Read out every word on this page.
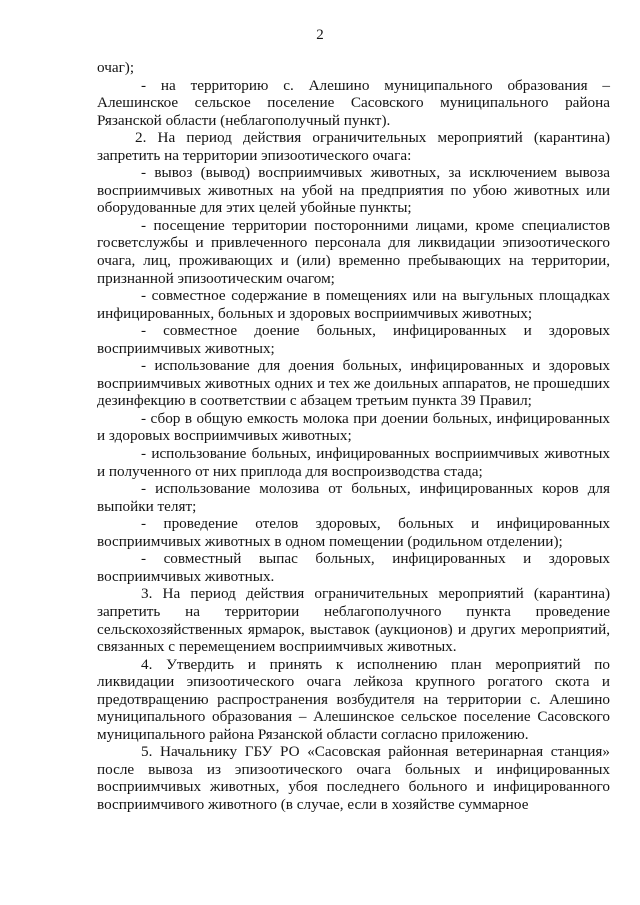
2

очаг);

- на территорию с. Алешино муниципального образования – Алешинское сельское поселение Сасовского муниципального района Рязанской области (неблагополучный пункт).

2. На период действия ограничительных мероприятий (карантина) запретить на территории эпизоотического очага:

- вывоз (вывод) восприимчивых животных, за исключением вывоза восприимчивых животных на убой на предприятия по убою животных или оборудованные для этих целей убойные пункты;

- посещение территории посторонними лицами, кроме специалистов госветслужбы и привлеченного персонала для ликвидации эпизоотического очага, лиц, проживающих и (или) временно пребывающих на территории, признанной эпизоотическим очагом;

- совместное содержание в помещениях или на выгульных площадках инфицированных, больных и здоровых восприимчивых животных;

- совместное доение больных, инфицированных и здоровых восприимчивых животных;

- использование для доения больных, инфицированных и здоровых восприимчивых животных одних и тех же доильных аппаратов, не прошедших дезинфекцию в соответствии с абзацем третьим пункта 39 Правил;

- сбор в общую емкость молока при доении больных, инфицированных и здоровых восприимчивых животных;

- использование больных, инфицированных восприимчивых животных и полученного от них приплода для воспроизводства стада;

- использование молозива от больных, инфицированных коров для выпойки телят;

- проведение отелов здоровых, больных и инфицированных восприимчивых животных в одном помещении (родильном отделении);

- совместный выпас больных, инфицированных и здоровых восприимчивых животных.

3. На период действия ограничительных мероприятий (карантина) запретить на территории неблагополучного пункта проведение сельскохозяйственных ярмарок, выставок (аукционов) и других мероприятий, связанных с перемещением восприимчивых животных.

4. Утвердить и принять к исполнению план мероприятий по ликвидации эпизоотического очага лейкоза крупного рогатого скота и предотвращению распространения возбудителя на территории с. Алешино муниципального образования – Алешинское сельское поселение Сасовского муниципального района Рязанской области согласно приложению.

5. Начальнику ГБУ РО «Сасовская районная ветеринарная станция» после вывоза из эпизоотического очага больных и инфицированных восприимчивых животных, убоя последнего больного и инфицированного восприимчивого животного (в случае, если в хозяйстве суммарное
